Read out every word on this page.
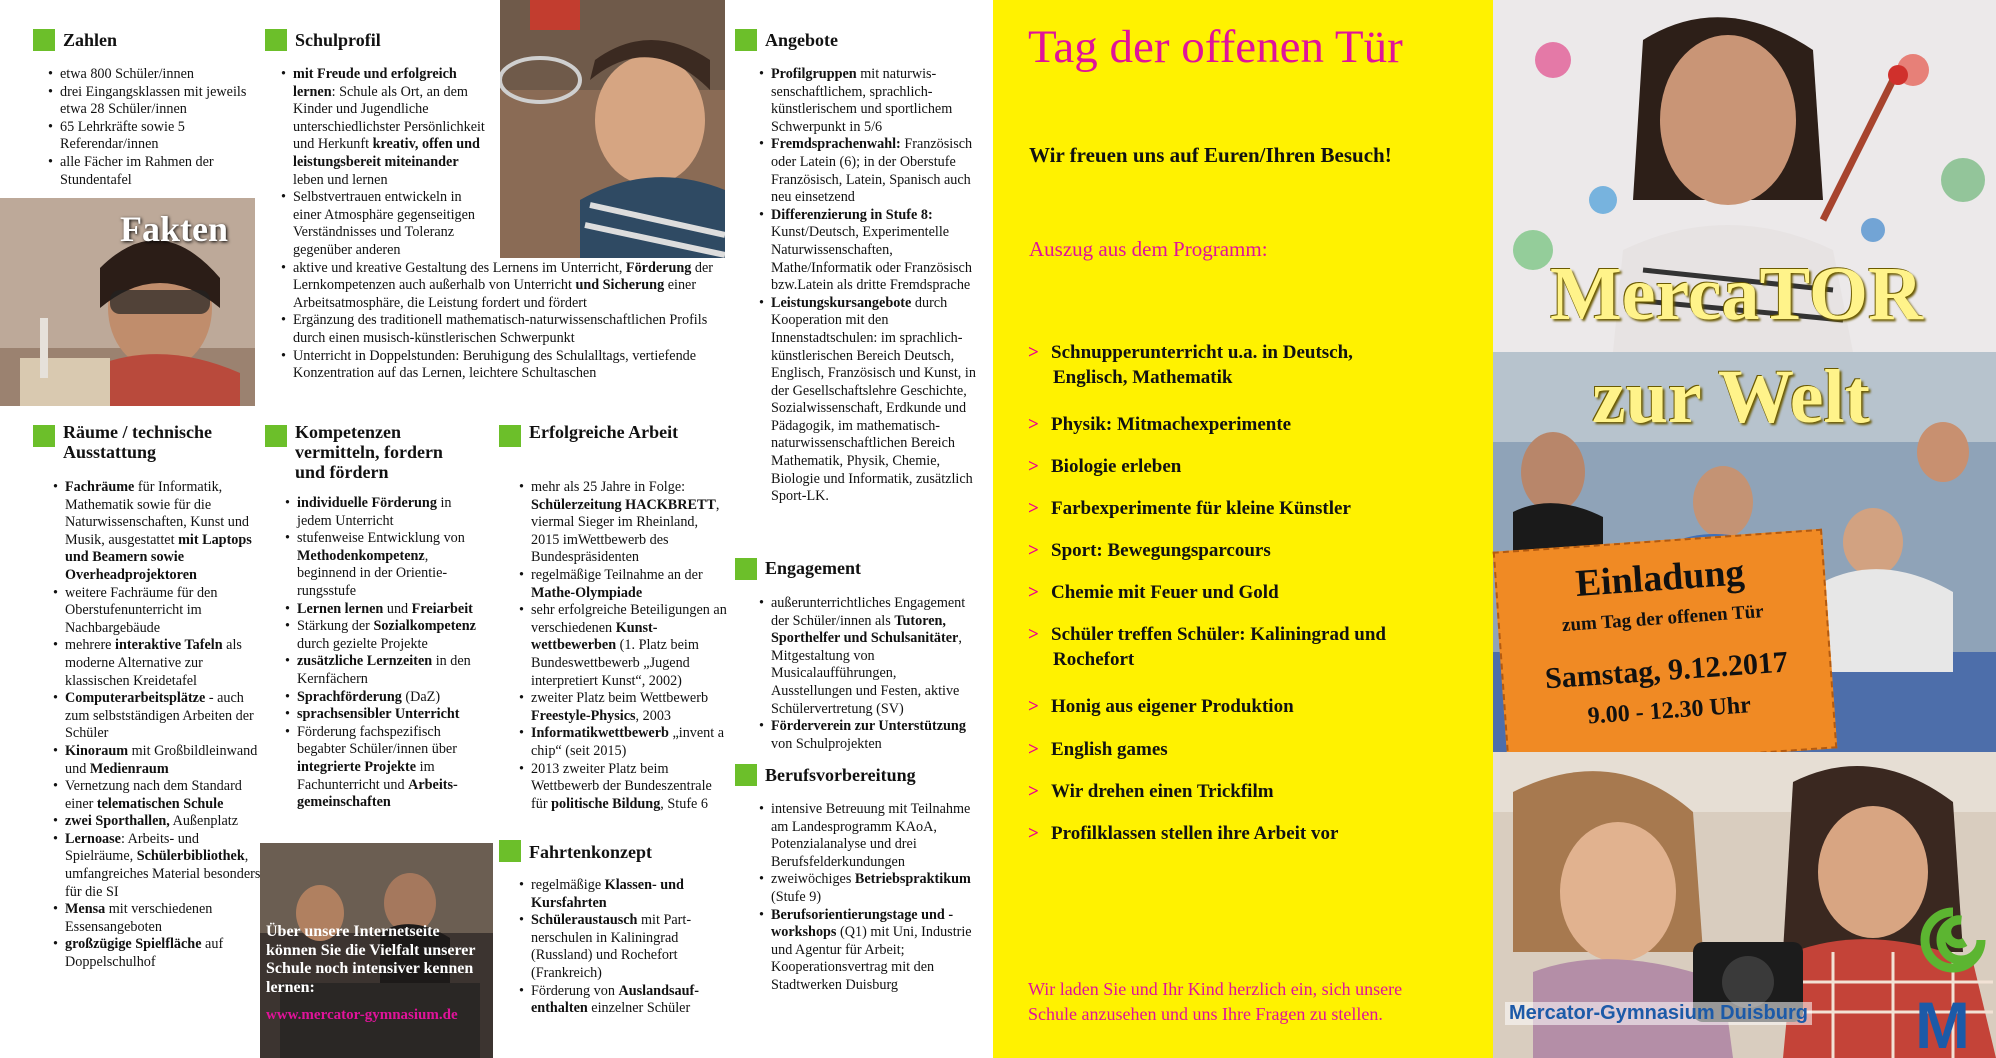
Zahlen
• etwa 800 Schüler/innen
• drei Eingangsklassen mit jeweils etwa 28 Schüler/innen
• 65 Lehrkräfte sowie 5 Referendar/innen
• alle Fächer im Rahmen der Stundentafel
Fakten
Räume / technische
Ausstattung
• Fachräume für Informatik, Mathematik sowie für die Naturwissenschaften, Kunst und Musik, ausgestattet mit Laptops und Beamern sowie Overheadprojektoren
• weitere Fachräume für den Oberstufenunterricht im Nachbargebäude
• mehrere interaktive Tafeln als moderne Alternative zur klassischen Kreidetafel
• Computerarbeitsplätze - auch zum selbstständigen Arbeiten der Schüler
• Kinoraum mit Großbildleinwand und Medienraum
• Vernetzung nach dem Standard einer telematischen Schule
• zwei Sporthallen, Außenplatz
• Lernoase: Arbeits- und Spielräume, Schülerbibliothek, umfangreiches Material besonders für die SI
• Mensa mit verschiedenen Essensangeboten
• großzügige Spielfläche auf Doppelschulhof
Schulprofil
• mit Freude und erfolgreich lernen: Schule als Ort, an dem Kinder und Jugendliche unterschiedlichster Persönlichkeit und Herkunft kreativ, offen und leistungsbereit miteinander leben und lernen
• Selbstvertrauen entwickeln in einer Atmosphäre gegenseitigen Verständnisses und Toleranz gegenüber anderen
• aktive und kreative Gestaltung des Lernens im Unterricht, Förderung der Lernkompetenzen auch außerhalb von Unterricht und Sicherung einer Arbeitsatmosphäre, die Leistung fordert und fördert
• Ergänzung des traditionell mathematisch-naturwissenschaftlichen Profils durch einen musisch-künstlerischen Schwerpunkt
• Unterricht in Doppelstunden: Beruhigung des Schulalltags, vertiefende Konzentration auf das Lernen, leichtere Schultaschen
Kompetenzen
vermitteln, fordern
und fördern
• individuelle Förderung in jedem Unterricht
• stufenweise Entwicklung von Methodenkompetenz, beginnend in der Orientierungsstufe
• Lernen lernen und Freiarbeit
• Stärkung der Sozialkompetenz durch gezielte Projekte
• zusätzliche Lernzeiten in den Kernfächern
• Sprachförderung (DaZ)
• sprachsensibler Unterricht
• Förderung fachspezifisch begabter Schüler/innen über integrierte Projekte im Fachunterricht und Arbeitsgemeinschaften
Über unsere Internetseite können Sie die Vielfalt unserer Schule noch intensiver kennen lernen:
www.mercator-gymnasium.de
Erfolgreiche Arbeit
• mehr als 25 Jahre in Folge: Schülerzeitung HACKBRETT, viermal Sieger im Rheinland, 2015 imWettbewerb des Bundespräsidenten
• regelmäßige Teilnahme an der Mathe-Olympiade
• sehr erfolgreiche Beteiligungen an verschiedenen Kunstwettbewerben (1. Platz beim Bundeswettbewerb „Jugend interpretiert Kunst“, 2002)
• zweiter Platz beim Wettbewerb Freestyle-Physics, 2003
• Informatikwettbewerb „invent a chip“ (seit 2015)
• 2013 zweiter Platz beim Wettbewerb der Bundeszentrale für politische Bildung, Stufe 6
Fahrtenkonzept
• regelmäßige Klassen- und Kursfahrten
• Schüleraustausch mit Partnerschulen in Kaliningrad (Russland) und Rochefort (Frankreich)
• Förderung von Auslandsaufenthalten einzelner Schüler
Angebote
• Profilgruppen mit naturwissenschaftlichem, sprachlich-künstlerischem und sportlichem Schwerpunkt in 5/6
• Fremdsprachenwahl: Französisch oder Latein (6); in der Oberstufe Französisch, Latein, Spanisch auch neu einsetzend
• Differenzierung in Stufe 8: Kunst/Deutsch, Experimentelle Naturwissenschaften, Mathe/Informatik oder Französisch bzw.Latein als dritte Fremdsprache
• Leistungskursangebote durch Kooperation mit den Innenstadtschulen: im sprachlich-künstlerischen Bereich Deutsch, Englisch, Französisch und Kunst, in der Gesellschaftslehre Geschichte, Sozialwissenschaft, Erdkunde und Pädagogik, im mathematisch-naturwissenschaftlichen Bereich Mathematik, Physik, Chemie, Biologie und Informatik, zusätzlich Sport-LK.
Engagement
• außerunterrichtliches Engagement der Schüler/innen als Tutoren, Sporthelfer und Schulsanitäter, Mitgestaltung von Musicalaufführungen, Ausstellungen und Festen, aktive Schülervertretung (SV)
• Förderverein zur Unterstützung von Schulprojekten
Berufsvorbereitung
• intensive Betreuung mit Teilnahme am Landesprogramm KAoA, Potenzialanalyse und drei Berufsfelderkundungen
• zweiwöchiges Betriebspraktikum (Stufe 9)
• Berufsorientierungstage und -workshops (Q1) mit Uni, Industrie und Agentur für Arbeit; Kooperationsvertrag mit den Stadtwerken Duisburg
Tag der offenen Tür
Wir freuen uns auf Euren/Ihren Besuch!
Auszug aus dem Programm:
> Schnupperunterricht u.a. in Deutsch,
Englisch, Mathematik
> Physik: Mitmachexperimente
> Biologie erleben
> Farbexperimente für kleine Künstler
> Sport: Bewegungsparcours
> Chemie mit Feuer und Gold
> Schüler treffen Schüler: Kaliningrad und
Rochefort
> Honig aus eigener Produktion
> English games
> Wir drehen einen Trickfilm
> Profilklassen stellen ihre Arbeit vor
Wir laden Sie und Ihr Kind herzlich ein, sich unsere
Schule anzusehen und uns Ihre Fragen zu stellen.
MercaTOR
zur Welt
Einladung
zum Tag der offenen Tür
Samstag, 9.12.2017
9.00 - 12.30 Uhr
Mercator-Gymnasium Duisburg M
